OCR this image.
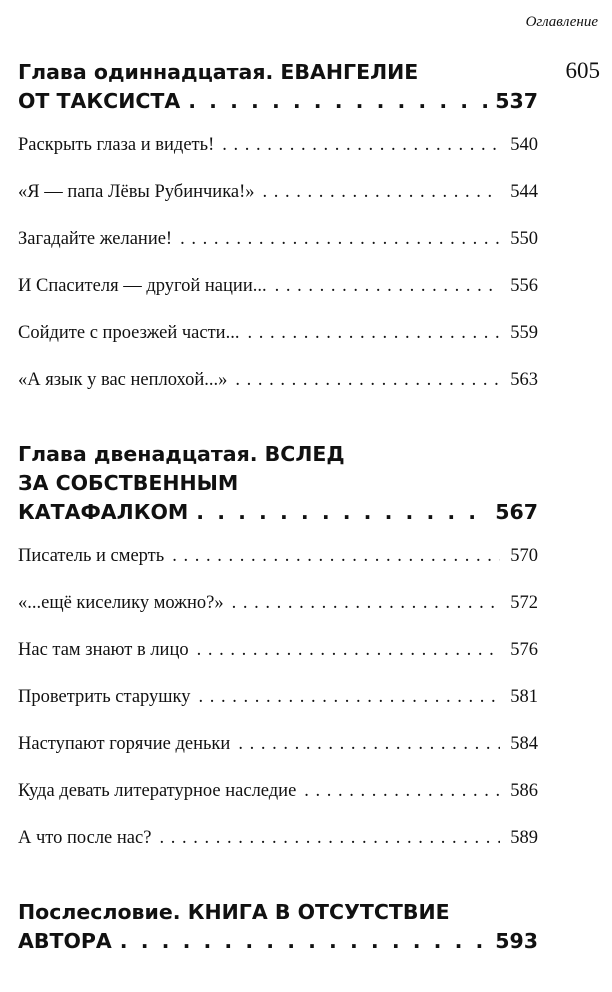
Оглавление
605
Глава одиннадцатая. ЕВАНГЕЛИЕ
ОТ ТАКСИСТА . . .	537
Раскрыть глаза и видеть! . . .	540
«Я — папа Лёвы Рубинчика!» . . .	544
Загадайте желание! . . .	550
И Спасителя — другой нации... . . .	556
Сойдите с проезжей части... . . .	559
«А язык у вас неплохой...» . . .	563
Глава двенадцатая. ВСЛЕД
ЗА СОБСТВЕННЫМ
КАТАФАЛКОМ . . .	567
Писатель и смерть . . .	570
«...ещё киселику можно?» . . .	572
Нас там знают в лицо . . .	576
Проветрить старушку . . .	581
Наступают горячие деньки . . .	584
Куда девать литературное наследие . . .	586
А что после нас? . . .	589
Послесловие. КНИГА В ОТСУТСТВИЕ
АВТОРА . . .	593
